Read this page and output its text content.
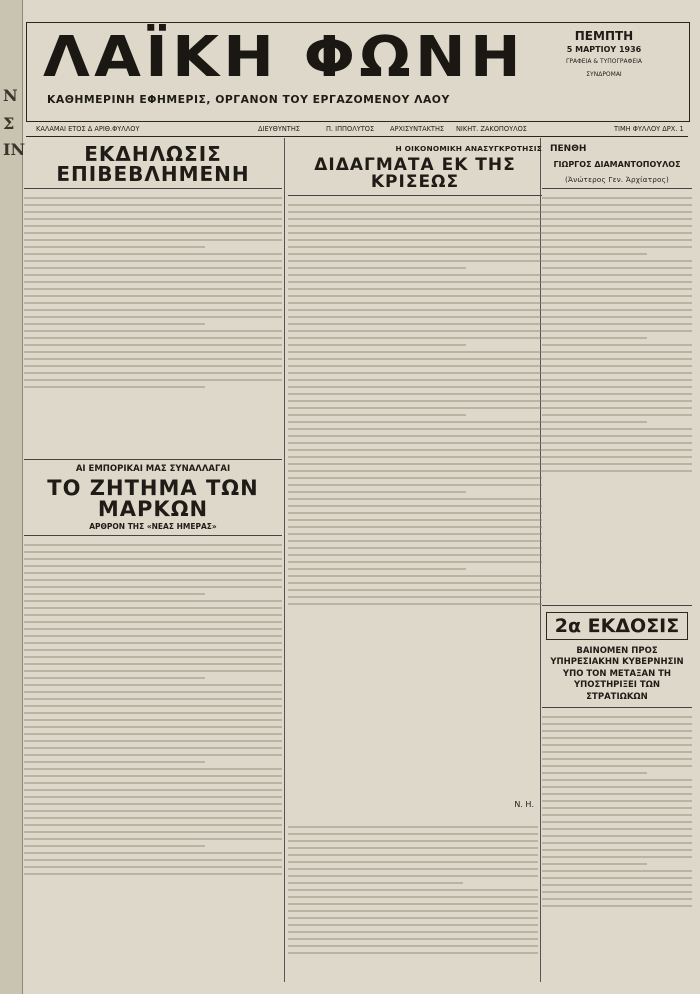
N
Σ
IN
ΛΑΪΚΗ ΦΩΝΗ
ΚΑΘΗΜΕΡΙΝΗ ΕΦΗΜΕΡΙΣ, ΟΡΓΑΝΟΝ ΤΟΥ ΕΡΓΑΖΟΜΕΝΟΥ ΛΑΟΥ
ΠΕΜΠΤΗ
5 ΜΑΡΤΙΟΥ 1936
ΓΡΑΦΕΙΑ & ΤΥΠΟΓΡΑΦΕΙΑ
ΣΥΝΔΡΟΜΑΙ
ΚΑΛΑΜΑΙ ΕΤΟΣ Δ ΑΡΙΘ.ΦΥΛΛΟΥ	ΔΙΕΥΘΥΝΤΗΣ	Π. ΙΠΠΟΛΥΤΟΣ ΑΡΧΙΣΥΝΤΑΚΤΗΣ ΝΙΚΗΤ. ΖΑΚΟΠΟΥΛΟΣ	ΤΙΜΗ ΦΥΛΛΟΥ ΔΡΧ. 1
ΕΚΔΗΛΩΣΙΣ ΕΠΙΒΕΒΛΗΜΕΝΗ
ΑΙ ΕΜΠΟΡΙΚΑΙ ΜΑΣ ΣΥΝΑΛΛΑΓΑΙ
ΤΟ ΖΗΤΗΜΑ ΤΩΝ ΜΑΡΚΩΝ
ΑΡΘΡΟΝ ΤΗΣ «ΝΕΑΣ ΗΜΕΡΑΣ»
Η ΟΙΚΟΝΟΜΙΚΗ ΑΝΑΣΥΓΚΡΟΤΗΣΙΣ
ΔΙΔΑΓΜΑΤΑ ΕΚ ΤΗΣ ΚΡΙΣΕΩΣ
Ν. Η.
ΠΕΝΘΗ
ΓΙΩΡΓΟΣ ΔΙΑΜΑΝΤΟΠΟΥΛΟΣ
(Ἀνώτερος Γεν. Ἀρχίατρος)
2α ΕΚΔΟΣΙΣ
ΒΑΙΝΟΜΕΝ ΠΡΟΣ ΥΠΗΡΕΣΙΑΚΗΝ ΚΥΒΕΡΝΗΣΙΝ ΥΠΟ ΤΟΝ ΜΕΤΑΞΑΝ ΤΗ ΥΠΟΣΤΗΡΙΞΕΙ ΤΩΝ ΣΤΡΑΤΙΩΚΩΝ
